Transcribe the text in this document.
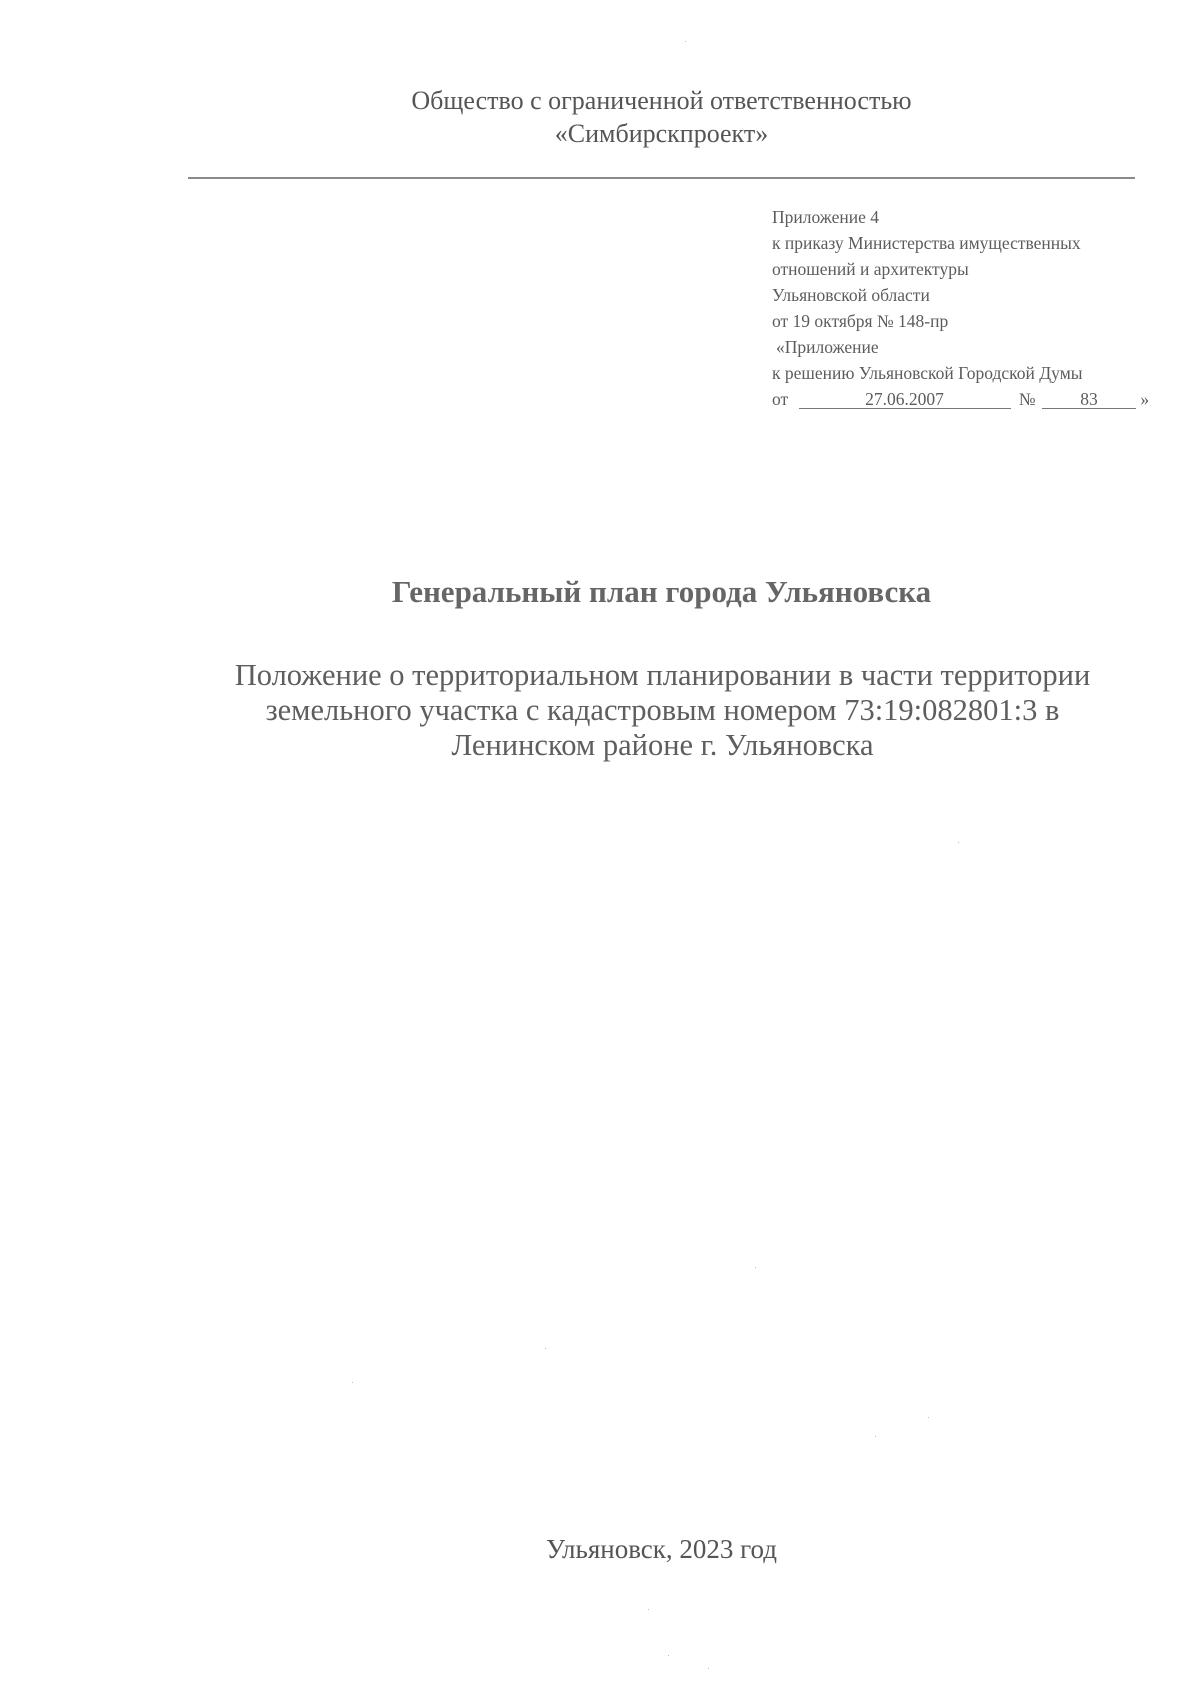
Общество с ограниченной ответственностью
«Симбирскпроект»
Приложение 4
к приказу Министерства имущественных
отношений и архитектуры
Ульяновской области
от 19 октября № 148-пр
«Приложение
к решению Ульяновской Городской Думы
от	27.06.2007	№	83 »
Генеральный план города Ульяновска
Положение о территориальном планировании в части территории
земельного участка с кадастровым номером 73:19:082801:3 в
Ленинском районе г. Ульяновска
Ульяновск, 2023 год
